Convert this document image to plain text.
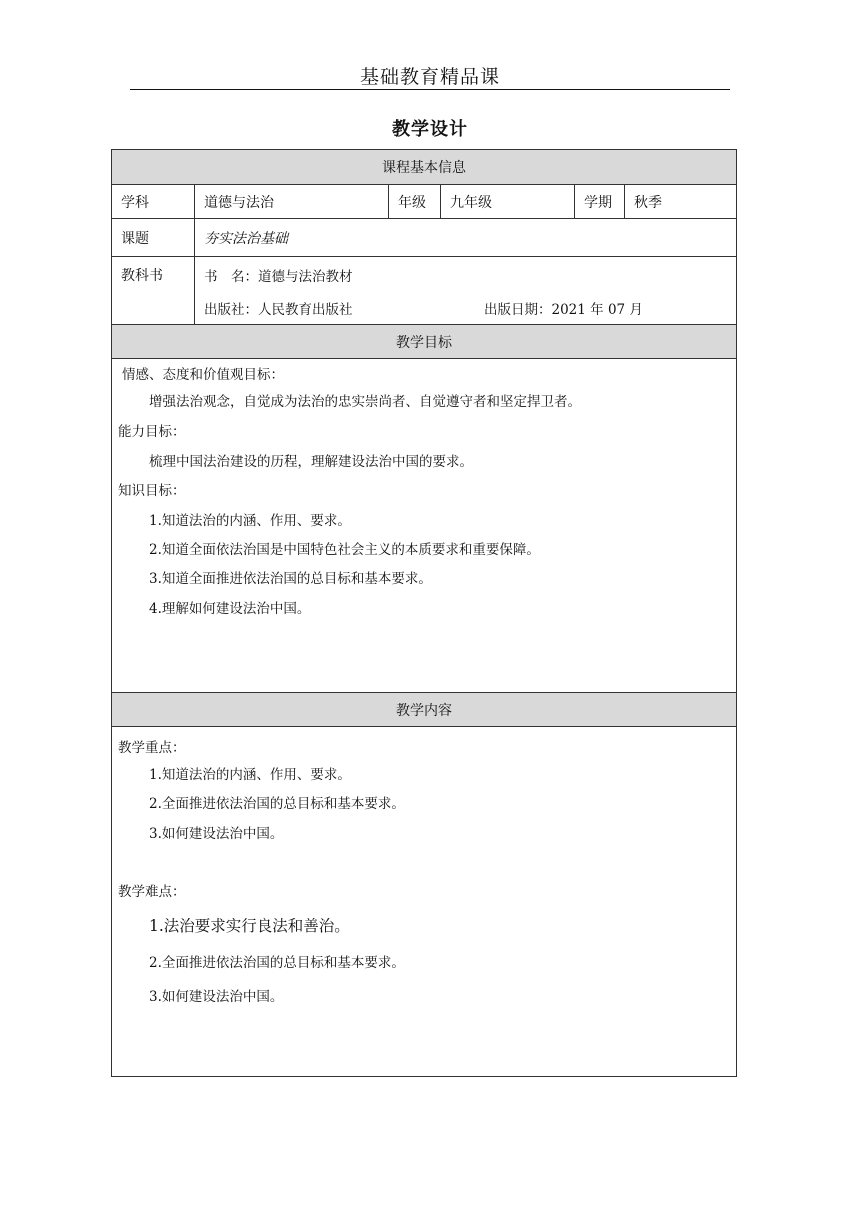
基础教育精品课
教学设计
课程基本信息
学科	道德与法治	年级	九年级	学期	秋季
课题	夯实法治基础
教科书	书　名：道德与法治教材
出版社：人民教育出版社	出版日期：2021 年 07 月
教学目标
情感、态度和价值观目标：
增强法治观念，自觉成为法治的忠实崇尚者、自觉遵守者和坚定捍卫者。
能力目标：
梳理中国法治建设的历程，理解建设法治中国的要求。
知识目标：
1.知道法治的内涵、作用、要求。
2.知道全面依法治国是中国特色社会主义的本质要求和重要保障。
3.知道全面推进依法治国的总目标和基本要求。
4.理解如何建设法治中国。
教学内容
教学重点：
1.知道法治的内涵、作用、要求。
2.全面推进依法治国的总目标和基本要求。
3.如何建设法治中国。
教学难点：
1.法治要求实行良法和善治。
2.全面推进依法治国的总目标和基本要求。
3.如何建设法治中国。
